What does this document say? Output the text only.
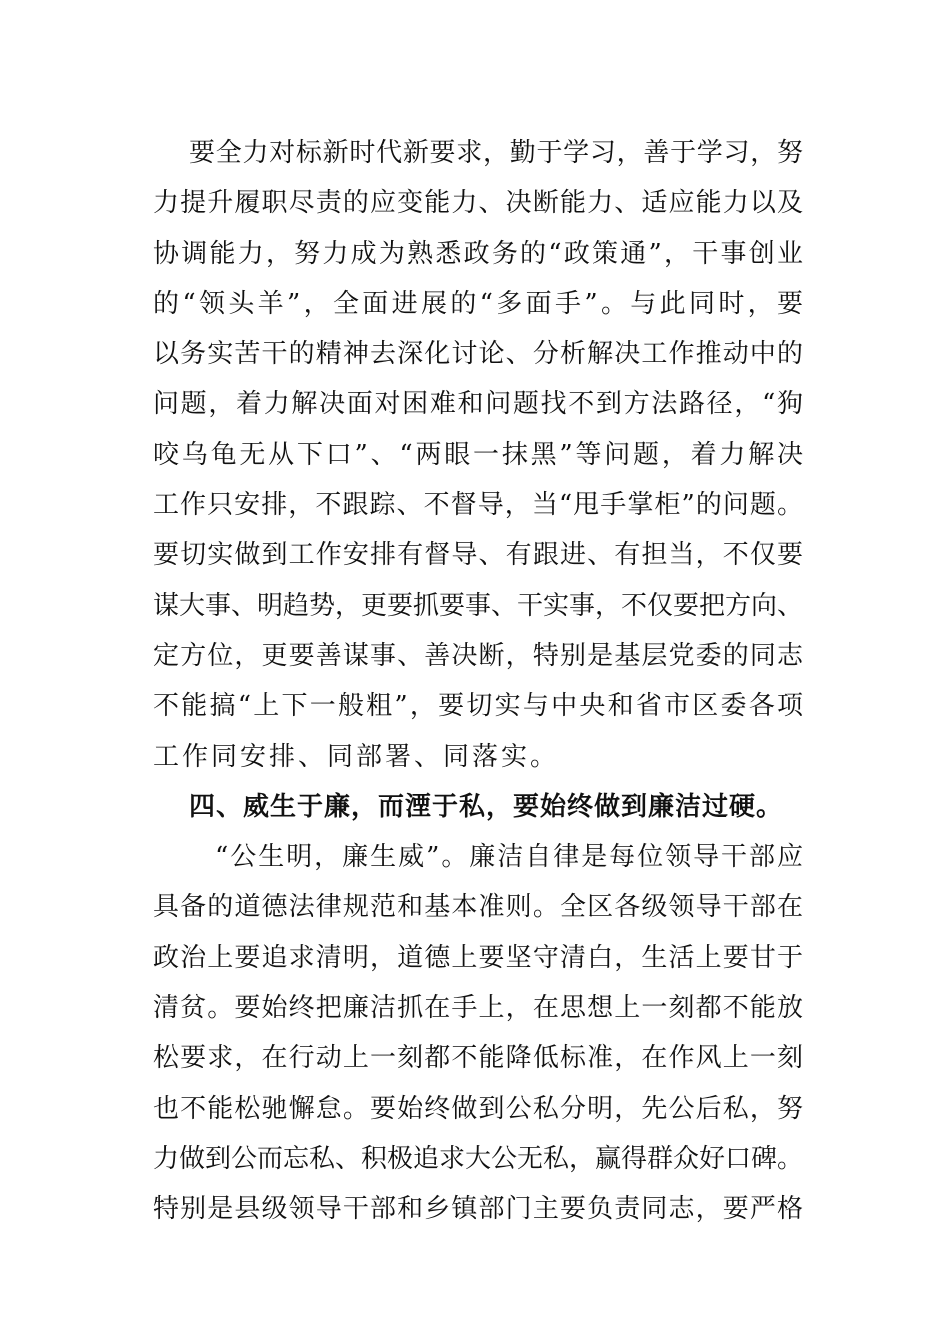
要全力对标新时代新要求，勤于学习，善于学习，努
力提升履职尽责的应变能力、决断能力、适应能力以及
协调能力，努力成为熟悉政务的“政策通”，干事创业
的“领头羊”，全面进展的“多面手”。与此同时，要
以务实苦干的精神去深化讨论、分析解决工作推动中的
问题，着力解决面对困难和问题找不到方法路径，“狗
咬乌龟无从下口”、“两眼一抹黑”等问题，着力解决
工作只安排，不跟踪、不督导，当“甩手掌柜”的问题。
要切实做到工作安排有督导、有跟进、有担当，不仅要
谋大事、明趋势，更要抓要事、干实事，不仅要把方向、
定方位，更要善谋事、善决断，特别是基层党委的同志
不能搞“上下一般粗”，要切实与中央和省市区委各项
工作同安排、同部署、同落实。
四、威生于廉，而湮于私，要始终做到廉洁过硬。
“公生明，廉生威”。廉洁自律是每位领导干部应
具备的道德法律规范和基本准则。全区各级领导干部在
政治上要追求清明，道德上要坚守清白，生活上要甘于
清贫。要始终把廉洁抓在手上，在思想上一刻都不能放
松要求，在行动上一刻都不能降低标准，在作风上一刻
也不能松驰懈怠。要始终做到公私分明，先公后私，努
力做到公而忘私、积极追求大公无私，赢得群众好口碑。
特别是县级领导干部和乡镇部门主要负责同志，要严格
